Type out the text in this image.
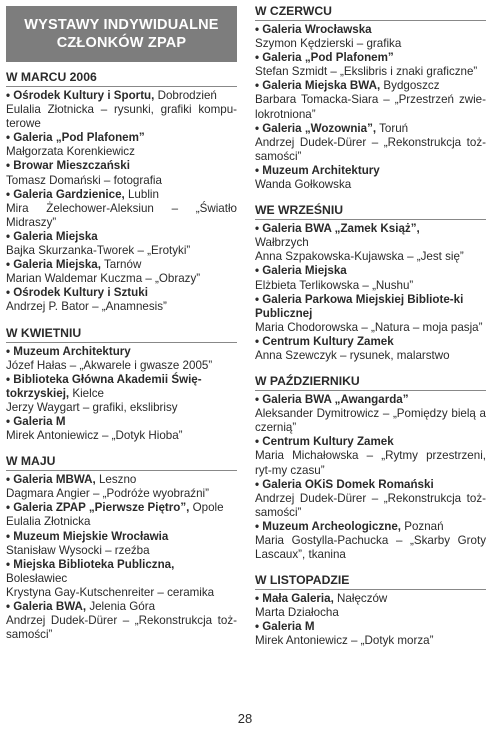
WYSTAWY INDYWIDUALNE
CZŁONKÓW ZPAP
W MARCU 2006
• Ośrodek Kultury i Sportu, Dobrodzień
Eulalia Złotnicka – rysunki, grafiki kompu-terowe
• Galeria „Pod Plafonem”
Małgorzata Korenkiewicz
• Browar Mieszczański
Tomasz Domański – fotografia
• Galeria Gardzienice, Lublin
Mira Żelechower-Aleksiun – „Światło Midraszy”
• Galeria Miejska
Bajka Skurzanka-Tworek – „Erotyki”
• Galeria Miejska, Tarnów
Marian Waldemar Kuczma – „Obrazy”
• Ośrodek Kultury i Sztuki
Andrzej P. Bator – „Anamnesis”
W KWIETNIU
• Muzeum Architektury
Józef Hałas – „Akwarele i gwasze 2005”
• Biblioteka Główna Akademii Świę-tokrzyskiej, Kielce
Jerzy Waygart – grafiki, ekslibrisy
• Galeria M
Mirek Antoniewicz – „Dotyk Hioba”
W MAJU
• Galeria MBWA, Leszno
Dagmara Angier – „Podróże wyobraźni”
• Galeria ZPAP „Pierwsze Piętro”, Opole
Eulalia Złotnicka
• Muzeum Miejskie Wrocławia
Stanisław Wysocki – rzeźba
• Miejska Biblioteka Publiczna,
Bolesławiec
Krystyna Gay-Kutschenreiter – ceramika
• Galeria BWA, Jelenia Góra
Andrzej Dudek-Dürer – „Rekonstrukcja toż-samości”
W CZERWCU
• Galeria Wrocławska
Szymon Kędzierski – grafika
• Galeria „Pod Plafonem”
Stefan Szmidt – „Ekslibris i znaki graficzne”
• Galeria Miejska BWA, Bydgoszcz
Barbara Tomacka-Siara – „Przestrzeń zwie-lokrotniona”
• Galeria „Wozownia”, Toruń
Andrzej Dudek-Dürer – „Rekonstrukcja toż-samości”
• Muzeum Architektury
Wanda Gołkowska
WE WRZEŚNIU
• Galeria BWA „Zamek Książ”,
Wałbrzych
Anna Szpakowska-Kujawska – „Jest się”
• Galeria Miejska
Elżbieta Terlikowska – „Nushu”
• Galeria Parkowa Miejskiej Bibliote-ki Publicznej
Maria Chodorowska – „Natura – moja pasja”
• Centrum Kultury Zamek
Anna Szewczyk – rysunek, malarstwo
W PAŹDZIERNIKU
• Galeria BWA „Awangarda”
Aleksander Dymitrowicz – „Pomiędzy bielą a czernią”
• Centrum Kultury Zamek
Maria Michałowska – „Rytmy przestrzeni, ryt-my czasu”
• Galeria OKiS Domek Romański
Andrzej Dudek-Dürer – „Rekonstrukcja toż-samości”
• Muzeum Archeologiczne, Poznań
Maria Gostylla-Pachucka – „Skarby Groty Lascaux”, tkanina
W LISTOPADZIE
• Mała Galeria, Nałęczów
Marta Działocha
• Galeria M
Mirek Antoniewicz – „Dotyk morza”
28
